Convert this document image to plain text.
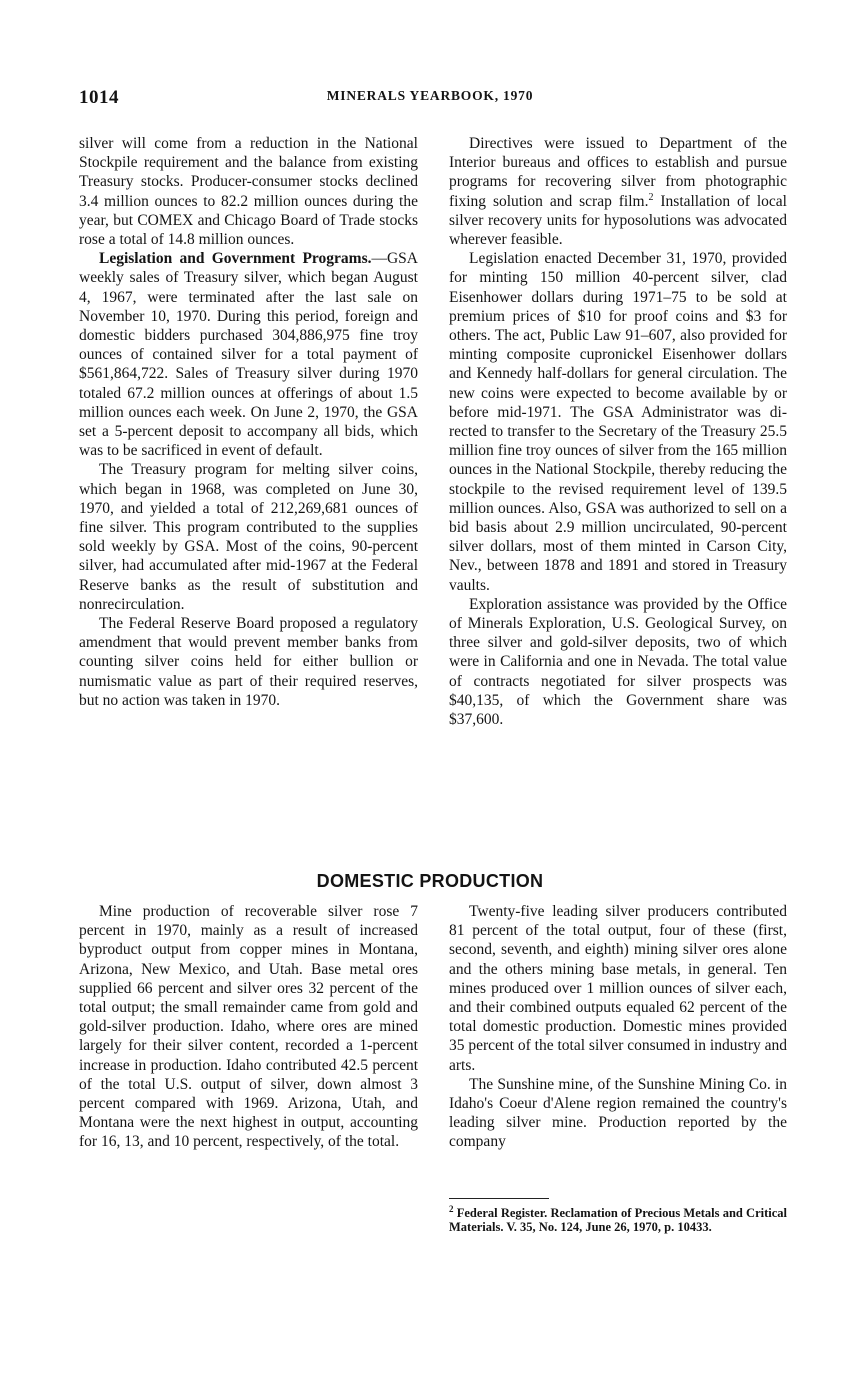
1014	MINERALS YEARBOOK, 1970

silver will come from a reduction in the National Stockpile requirement and the balance from existing Treasury stocks. Producer-consumer stocks declined 3.4 million ounces to 82.2 million ounces during the year, but COMEX and Chicago Board of Trade stocks rose a total of 14.8 million ounces.

Legislation and Government Programs.—GSA weekly sales of Treasury silver, which began August 4, 1967, were terminated after the last sale on November 10, 1970. During this period, foreign and domestic bidders purchased 304,886,975 fine troy ounces of contained silver for a total payment of $561,864,722. Sales of Treasury silver during 1970 totaled 67.2 million ounces at offerings of about 1.5 million ounces each week. On June 2, 1970, the GSA set a 5-percent deposit to accompany all bids, which was to be sacrificed in event of default.

The Treasury program for melting silver coins, which began in 1968, was completed on June 30, 1970, and yielded a total of 212,269,681 ounces of fine silver. This program contributed to the supplies sold weekly by GSA. Most of the coins, 90-percent silver, had accumulated after mid-1967 at the Federal Reserve banks as the result of substitution and nonrecirculation.

The Federal Reserve Board proposed a regulatory amendment that would prevent member banks from counting silver coins held for either bullion or numismatic value as part of their required reserves, but no action was taken in 1970.

Directives were issued to Department of the Interior bureaus and offices to establish and pursue programs for recovering silver from photographic fixing solution and scrap film.$^2$ Installation of local silver recovery units for hyposolutions was advocated wherever feasible.

Legislation enacted December 31, 1970, provided for minting 150 million 40-percent silver, clad Eisenhower dollars during 1971–75 to be sold at premium prices of $10 for proof coins and $3 for others. The act, Public Law 91–607, also provided for minting composite cupronickel Eisenhower dollars and Kennedy half-dollars for general circulation. The new coins were expected to become available by or before mid-1971. The GSA Administrator was directed to transfer to the Secretary of the Treasury 25.5 million fine troy ounces of silver from the 165 million ounces in the National Stockpile, thereby reducing the stockpile to the revised requirement level of 139.5 million ounces. Also, GSA was authorized to sell on a bid basis about 2.9 million uncirculated, 90-percent silver dollars, most of them minted in Carson City, Nev., between 1878 and 1891 and stored in Treasury vaults.

Exploration assistance was provided by the Office of Minerals Exploration, U.S. Geological Survey, on three silver and gold-silver deposits, two of which were in California and one in Nevada. The total value of contracts negotiated for silver prospects was $40,135, of which the Government share was $37,600.

DOMESTIC PRODUCTION

Mine production of recoverable silver rose 7 percent in 1970, mainly as a result of increased byproduct output from copper mines in Montana, Arizona, New Mexico, and Utah. Base metal ores supplied 66 percent and silver ores 32 percent of the total output; the small remainder came from gold and gold-silver production. Idaho, where ores are mined largely for their silver content, recorded a 1-percent increase in production. Idaho contributed 42.5 percent of the total U.S. output of silver, down almost 3 percent compared with 1969. Arizona, Utah, and Montana were the next highest in output, accounting for 16, 13, and 10 percent, respectively, of the total.

Twenty-five leading silver producers contributed 81 percent of the total output, four of these (first, second, seventh, and eighth) mining silver ores alone and the others mining base metals, in general. Ten mines produced over 1 million ounces of silver each, and their combined outputs equaled 62 percent of the total domestic production. Domestic mines provided 35 percent of the total silver consumed in industry and arts.

The Sunshine mine, of the Sunshine Mining Co. in Idaho's Coeur d'Alene region remained the country's leading silver mine. Production reported by the company

$^2$ Federal Register. Reclamation of Precious Metals and Critical Materials. V. 35, No. 124, June 26, 1970, p. 10433.
